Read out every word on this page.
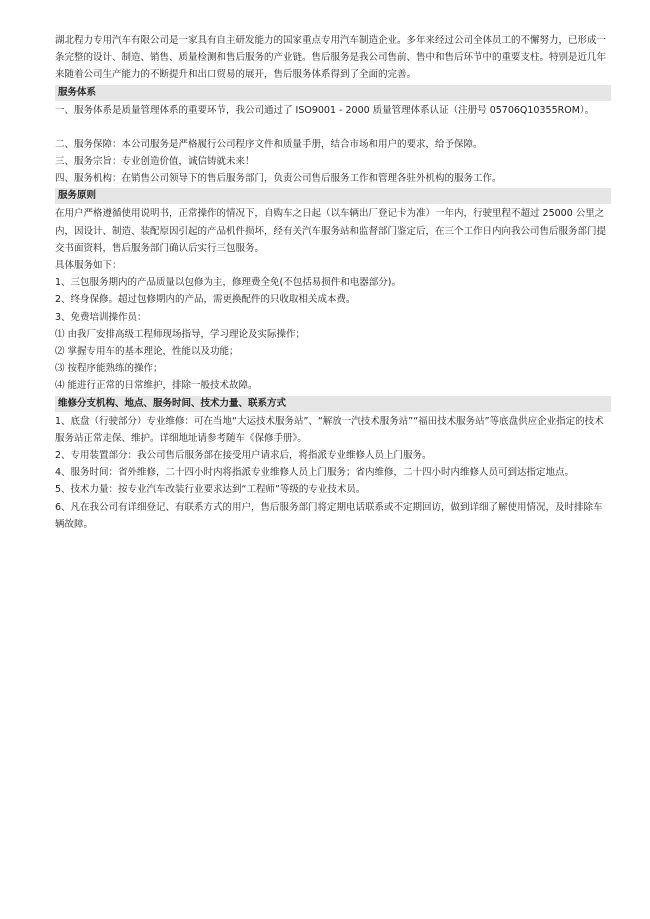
湖北程力专用汽车有限公司是一家具有自主研发能力的国家重点专用汽车制造企业。多年来经过公司全体员工的不懈努力，已形成一条完整的设计、制造、销售、质量检测和售后服务的产业链。售后服务是我公司售前、售中和售后环节中的重要支柱。特别是近几年来随着公司生产能力的不断提升和出口贸易的展开，售后服务体系得到了全面的完善。

服务体系

一、服务体系是质量管理体系的重要环节，我公司通过了 ISO9001 - 2000 质量管理体系认证（注册号 05706Q10355ROM）。

二、服务保障：本公司服务是严格履行公司程序文件和质量手册，结合市场和用户的要求，给予保障。

三、服务宗旨：专业创造价值，诚信铸就未来！

四、服务机构：在销售公司领导下的售后服务部门，负责公司售后服务工作和管理各驻外机构的服务工作。

服务原则

在用户严格遵循使用说明书，正常操作的情况下，自购车之日起（以车辆出厂登记卡为准）一年内，行驶里程不超过 25000 公里之内，因设计、制造、装配原因引起的产品机件损坏，经有关汽车服务站和监督部门鉴定后，在三个工作日内向我公司售后服务部门提交书面资料，售后服务部门确认后实行三包服务。

具体服务如下：

1、三包服务期内的产品质量以包修为主，修理费全免(不包括易损件和电器部分)。

2、终身保修。超过包修期内的产品，需更换配件的只收取相关成本费。

3、免费培训操作员：

⑴ 由我厂安排高级工程师现场指导，学习理论及实际操作；

⑵ 掌握专用车的基本理论，性能以及功能；

⑶ 按程序能熟练的操作；

⑷ 能进行正常的日常维护，排除一般技术故障。

维修分支机构、地点、服务时间、技术力量、联系方式

1、底盘（行驶部分）专业维修：可在当地“大运技术服务站”、“解放一汽技术服务站”“福田技术服务站”等底盘供应企业指定的技术服务站正常走保、维护。详细地址请参考随车《保修手册》。

2、专用装置部分：我公司售后服务部在接受用户请求后，将指派专业维修人员上门服务。

4、服务时间：省外维修，二十四小时内将指派专业维修人员上门服务；省内维修，二十四小时内维修人员可到达指定地点。

5、技术力量：按专业汽车改装行业要求达到“工程师”等级的专业技术员。

6、凡在我公司有详细登记、有联系方式的用户，售后服务部门将定期电话联系或不定期回访，做到详细了解使用情况，及时排除车辆故障。
